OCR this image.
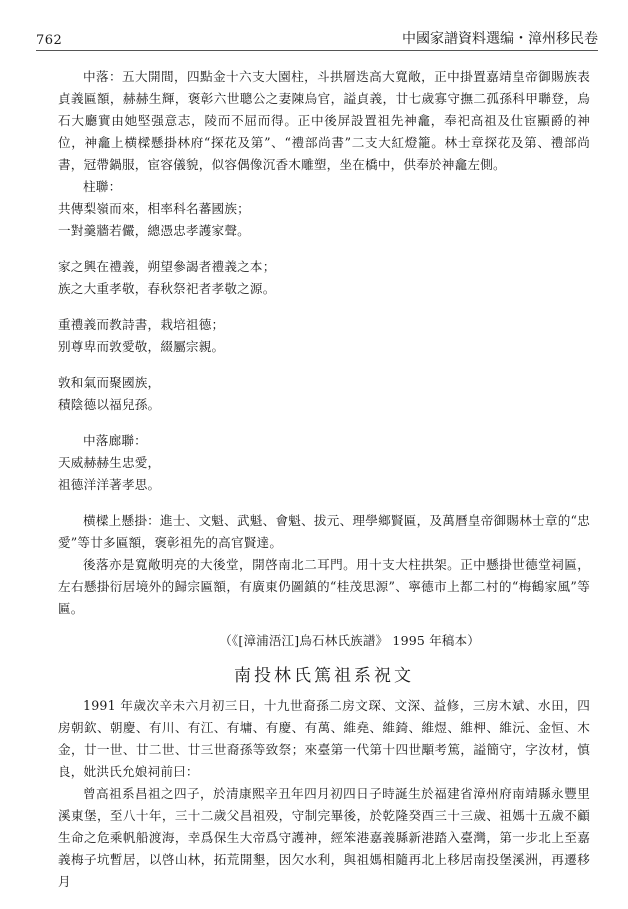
762	中國家譜資料選编・漳州移民卷

中落：五大開間，四點金十六支大園柱，斗拱層迭高大寬敞，正中掛置嘉靖皇帝御賜族表貞義匾額，赫赫生輝，褒彰六世聰公之妻陳烏官，謚貞義，廿七歲寡守撫二孤孫科甲聯登，烏石大廳實由她堅强意志，陵而不屈而得。正中後屏設置祖先神龕，奉祀高祖及仕宦顯爵的神位，神龕上横樑懸掛林府“探花及第”、“禮部尚書”二支大紅燈籠。林士章探花及第、禮部尚書，冠帶鍋服，宦容儀貌，似容偶像沉香木雕塑，坐在橋中，供奉於神龕左側。

柱聯：

共傳梨嶺而來，相率科名蕃國族；

一對羹牆若儼，總憑忠孝護家聲。

家之興在禮義，朔望參謁者禮義之本；

族之大重孝敬，春秋祭祀者孝敬之源。

重禮義而教詩書，栽培祖德；

别尊卑而敦愛敬，綴屬宗親。

敦和氣而聚國族，

積陰德以福兒孫。

中落廊聯：

天威赫赫生忠愛，

祖德洋洋著孝思。

横樑上懸掛：進士、文魁、武魁、會魁、拔元、理學鄉賢匾，及萬曆皇帝御賜林士章的“忠愛”等廿多匾額，褒彰祖先的高官賢達。

後落亦是寬敞明亮的大後堂，開啓南北二耳門。用十支大柱拱架。正中懸掛世德堂祠匾，左右懸掛衍居境外的歸宗匾額，有廣東仍圖鎮的“桂茂思源”、寧德市上都二村的“梅鶴家風”等匾。

（《[漳浦浯江]烏石林氏族譜》 1995 年稿本）

南投林氏篤祖系祝文

1991 年歲次辛未六月初三日，十九世裔孫二房文琛、文深、益修，三房木斌、水田，四房朝欽、朝慶、有川、有江、有墉、有慶、有萬、維堯、維錡、維煜、維柙、維沅、金恒、木金，廿一世、廿二世、廿三世裔孫等致祭；來臺第一代第十四世顒考篤，謚簡守，字汝材，慎良，妣洪氏允娘祠前曰：

曾高祖系昌祖之四子，於清康熙辛丑年四月初四日子時誕生於福建省漳州府南靖縣永豐里溪東堡，至八十年，三十二歲父昌祖殁，守制完畢後，於乾隆癸酉三十三歲、祖媽十五歲不顧生命之危乘帆船渡海，幸爲保生大帝爲守護神，經笨港嘉義縣新港踏入臺灣，第一步北上至嘉義梅子坑暫居，以啓山林，拓荒開墾，因欠水利，與祖媽相隨再北上移居南投堡溪洲，再遷移月
